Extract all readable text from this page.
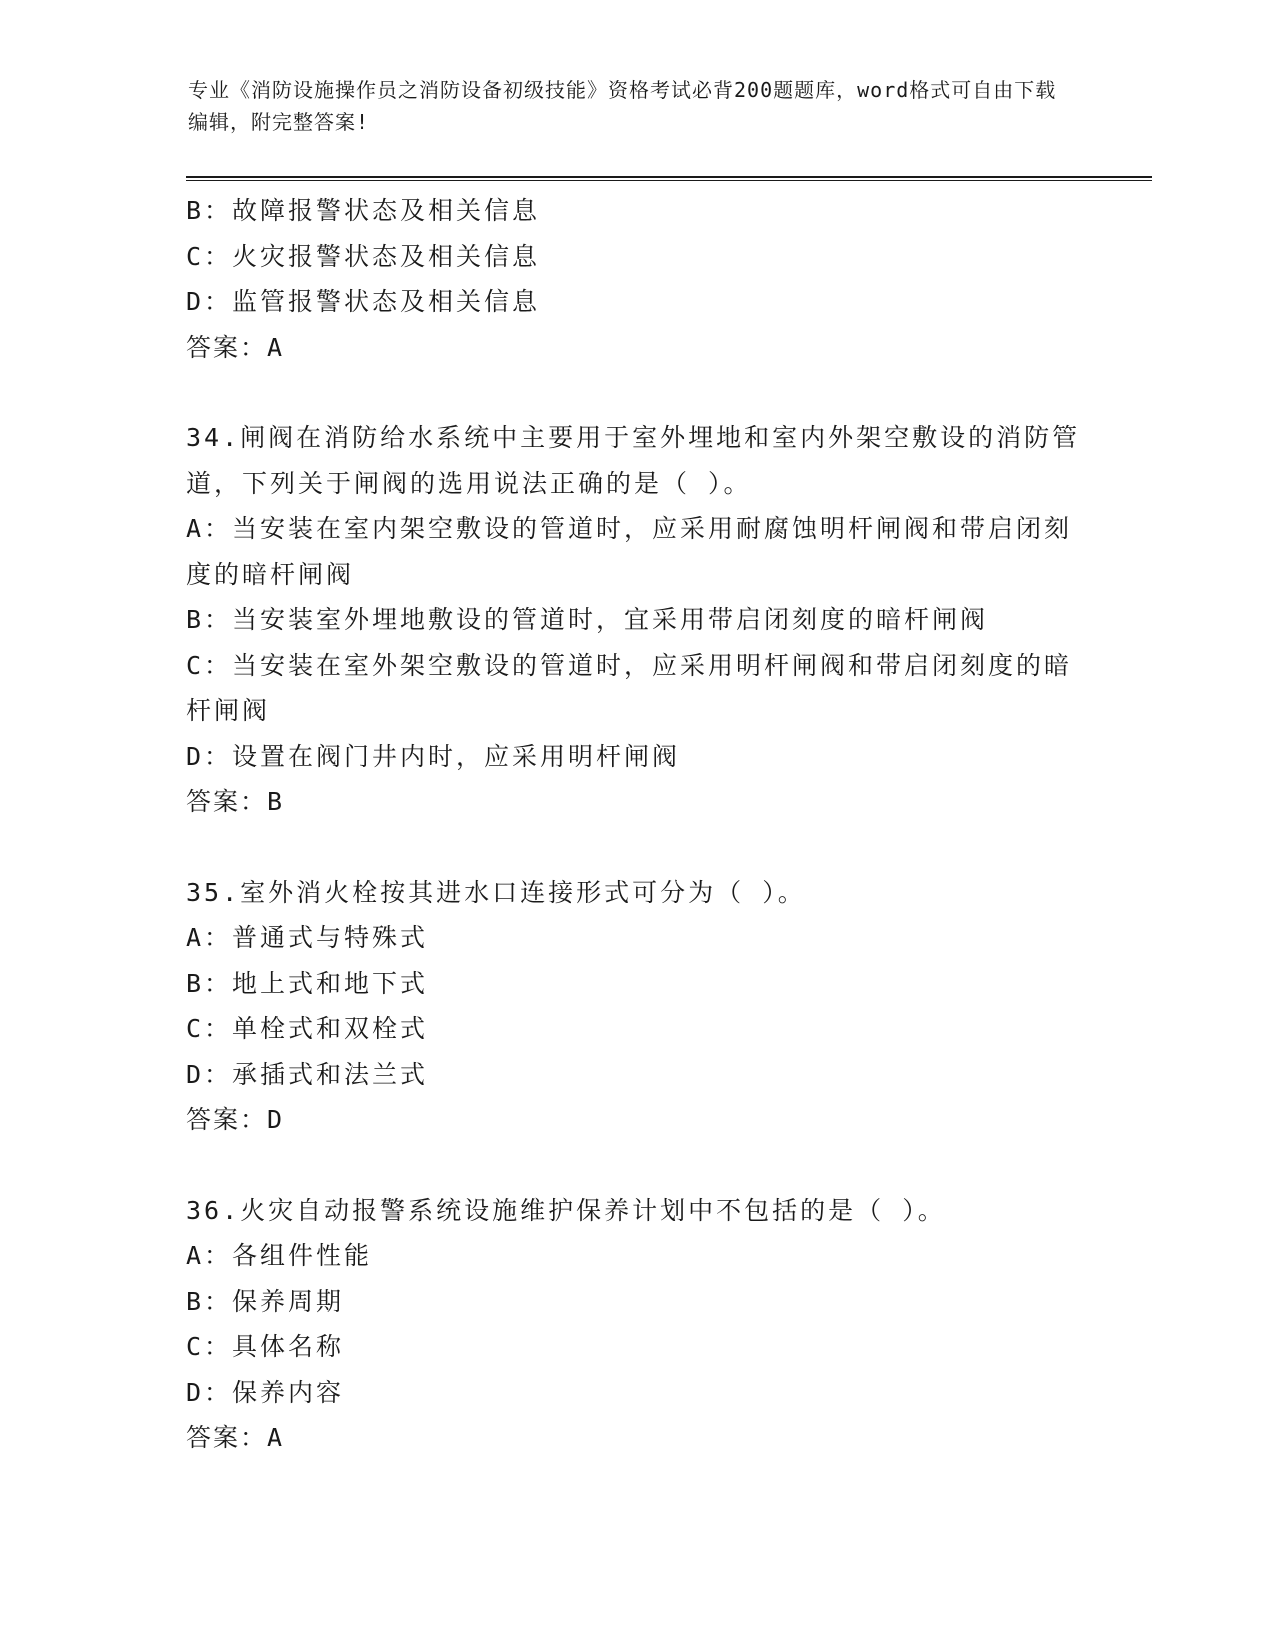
专业《消防设施操作员之消防设备初级技能》资格考试必背200题题库，word格式可自由下载编辑，附完整答案!
B：故障报警状态及相关信息
C：火灾报警状态及相关信息
D：监管报警状态及相关信息
答案：A
34.闸阀在消防给水系统中主要用于室外埋地和室内外架空敷设的消防管道，下列关于闸阀的选用说法正确的是（ ）。
A：当安装在室内架空敷设的管道时，应采用耐腐蚀明杆闸阀和带启闭刻度的暗杆闸阀
B：当安装室外埋地敷设的管道时，宜采用带启闭刻度的暗杆闸阀
C：当安装在室外架空敷设的管道时，应采用明杆闸阀和带启闭刻度的暗杆闸阀
D：设置在阀门井内时，应采用明杆闸阀
答案：B
35.室外消火栓按其进水口连接形式可分为（ ）。
A：普通式与特殊式
B：地上式和地下式
C：单栓式和双栓式
D：承插式和法兰式
答案：D
36.火灾自动报警系统设施维护保养计划中不包括的是（ ）。
A：各组件性能
B：保养周期
C：具体名称
D：保养内容
答案：A
